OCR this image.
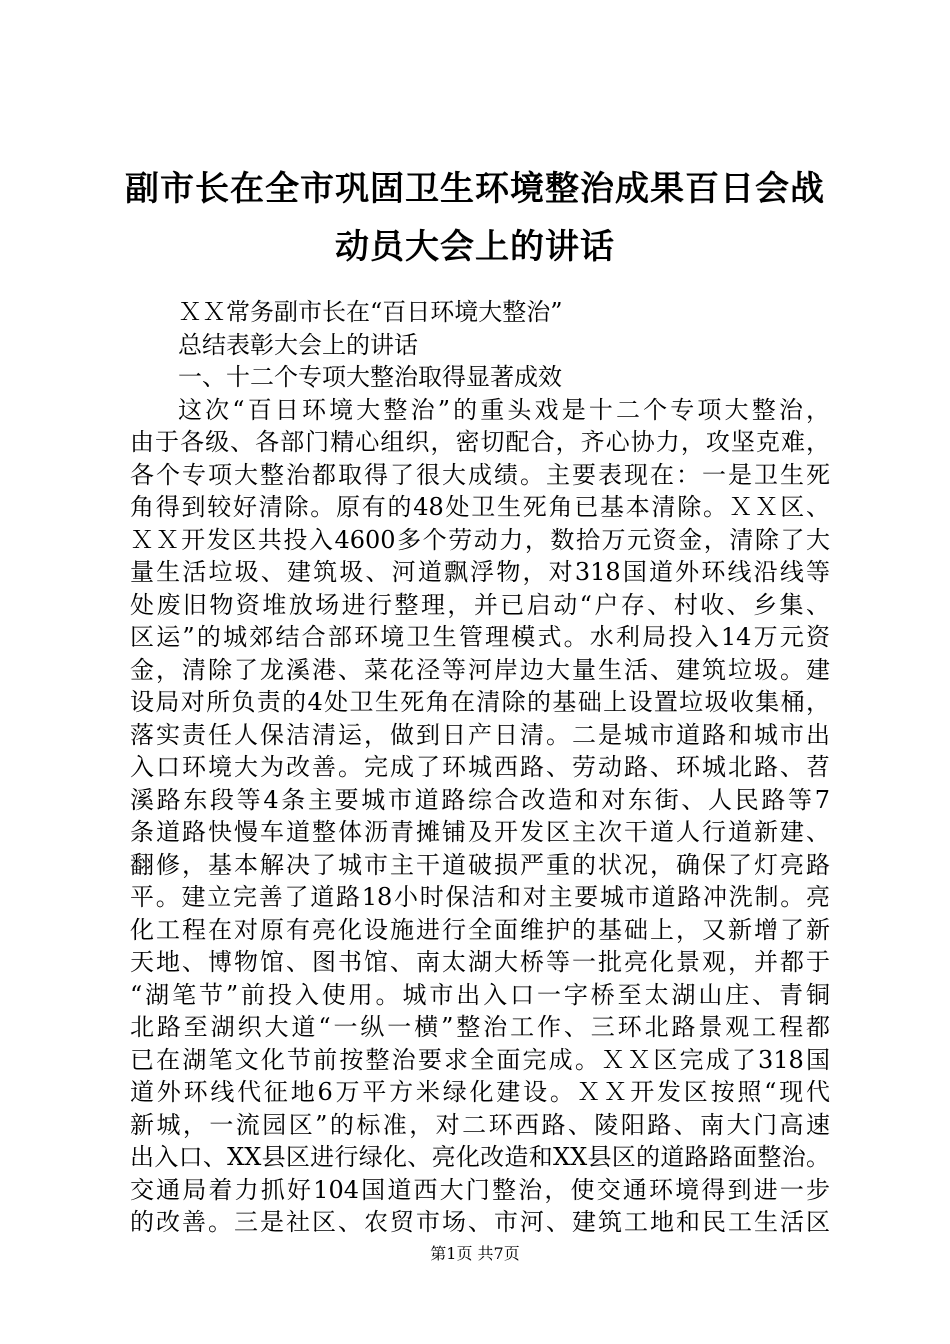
副市长在全市巩固卫生环境整治成果百日会战
动员大会上的讲话
ＸＸ常务副市长在“百日环境大整治”
总结表彰大会上的讲话
一、十二个专项大整治取得显著成效
这次“百日环境大整治”的重头戏是十二个专项大整治，
由于各级、各部门精心组织，密切配合，齐心协力，攻坚克难，
各个专项大整治都取得了很大成绩。主要表现在：一是卫生死
角得到较好清除。原有的48处卫生死角已基本清除。ＸＸ区、
ＸＸ开发区共投入4600多个劳动力，数拾万元资金，清除了大
量生活垃圾、建筑圾、河道飘浮物，对318国道外环线沿线等
处废旧物资堆放场进行整理，并已启动“户存、村收、乡集、
区运”的城郊结合部环境卫生管理模式。水利局投入14万元资
金，清除了龙溪港、菜花泾等河岸边大量生活、建筑垃圾。建
设局对所负责的4处卫生死角在清除的基础上设置垃圾收集桶，
落实责任人保洁清运，做到日产日清。二是城市道路和城市出
入口环境大为改善。完成了环城西路、劳动路、环城北路、苕
溪路东段等4条主要城市道路综合改造和对东街、人民路等7
条道路快慢车道整体沥青摊铺及开发区主次干道人行道新建、
翻修，基本解决了城市主干道破损严重的状况，确保了灯亮路
平。建立完善了道路18小时保洁和对主要城市道路冲洗制。亮
化工程在对原有亮化设施进行全面维护的基础上，又新增了新
天地、博物馆、图书馆、南太湖大桥等一批亮化景观，并都于
“湖笔节”前投入使用。城市出入口一字桥至太湖山庄、青铜
北路至湖织大道“一纵一横”整治工作、三环北路景观工程都
已在湖笔文化节前按整治要求全面完成。ＸＸ区完成了318国
道外环线代征地6万平方米绿化建设。ＸＸ开发区按照“现代
新城，一流园区”的标准，对二环西路、陵阳路、南大门高速
出入口、XX县区进行绿化、亮化改造和XX县区的道路路面整治。
交通局着力抓好104国道西大门整治，使交通环境得到进一步
的改善。三是社区、农贸市场、市河、建筑工地和民工生活区
第1页 共7页
